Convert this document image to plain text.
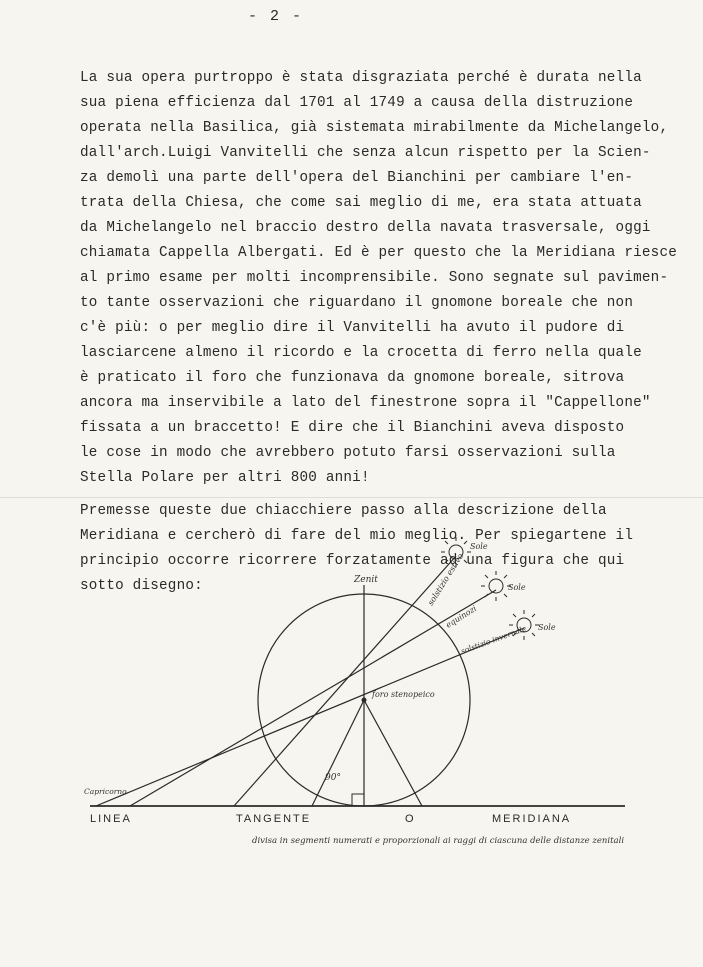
- 2 -
La sua opera purtroppo è stata disgraziata perché è durata nella
sua piena efficienza dal 1701 al 1749 a causa della distruzione
operata nella Basilica, già sistemata mirabilmente da Michelangelo,
dall'arch.Luigi Vanvitelli che senza alcun rispetto per la Scien-
za demolì una parte dell'opera del Bianchini per cambiare l'en-
trata della Chiesa, che come sai meglio di me, era stata attuata
da Michelangelo nel braccio destro della navata trasversale, oggi
chiamata Cappella Albergati. Ed è per questo che la Meridiana riesce
al primo esame per molti incomprensibile. Sono segnate sul pavimen-
to tante osservazioni che riguardano il gnomone boreale che non
c'è più: o per meglio dire il Vanvitelli ha avuto il pudore di
lasciarcene almeno il ricordo e la crocetta di ferro nella quale
è praticato il foro che funzionava da gnomone boreale, sitrova
ancora ma inservibile a lato del finestrone sopra il "Cappellone"
fissata a un braccetto! E dire che il Bianchini aveva disposto
le cose in modo che avrebbero potuto farsi osservazioni sulla
Stella Polare per altri 800 anni!
Premesse queste due chiacchiere passo alla descrizione della
Meridiana e cercherò di fare del mio meglio. Per spiegartene il
principio occorre ricorrere forzatamente ad una figura che qui
sotto disegno:	Zenit
foro stenopeico
solstizio estivo
equinozi
solstizio invernale
Sole
Sole
Sole
90°
Capricorno
LINEA	TANGENTE	O	MERIDIANA
divisa in segmenti numerati e proporzionali ai raggi di ciascuna delle distanze zenitali
